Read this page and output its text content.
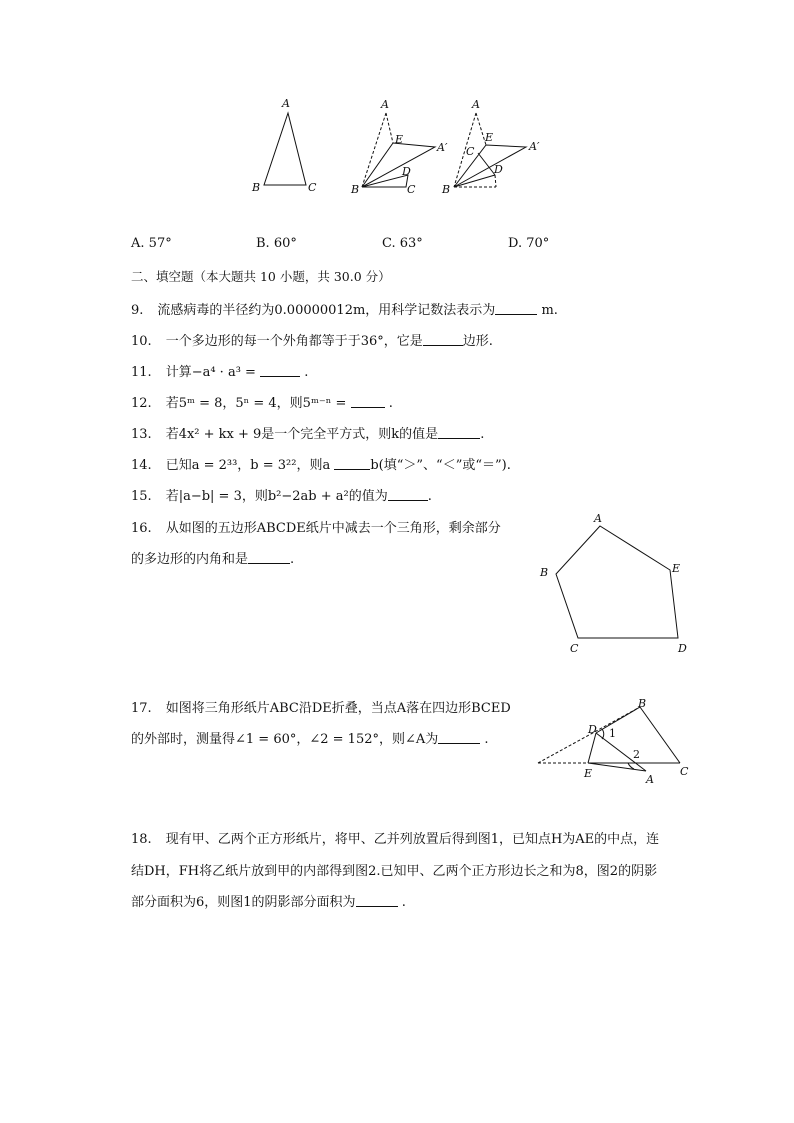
A
B	C
A
E
A′
D
B	C
A
E
A′
C
D
B
A. 57°	B. 60°	C. 63°	D. 70°
二、填空题（本大题共 10 小题，共 30.0 分）
9. 流感病毒的半径约为0.00000012m，用科学记数法表示为	m.
10. 一个多边形的每一个外角都等于于36°，它是	边形.
11. 计算−a⁴ · a³ =	.
12. 若5ᵐ = 8，5ⁿ = 4，则5ᵐ⁻ⁿ =	.
13. 若4x² + kx + 9是一个完全平方式，则k的值是	.
14. 已知a = 2³³，b = 3²²，则a	b(填“＞”、“＜”或“＝”).
15. 若|a−b| = 3，则b²−2ab + a²的值为	.
16. 从如图的五边形ABCDE纸片中减去一个三角形，剩余部分
的多边形的内角和是	.
A
B
C	D
E
17. 如图将三角形纸片ABC沿DE折叠，当点A落在四边形BCED
的外部时，测量得∠1 = 60°，∠2 = 152°，则∠A为	.
B
D 1
2
E	A
C
18. 现有甲、乙两个正方形纸片，将甲、乙并列放置后得到图1，已知点H为AE的中点，连
结DH，FH将乙纸片放到甲的内部得到图2.已知甲、乙两个正方形边长之和为8，图2的阴影
部分面积为6，则图1的阴影部分面积为	.
